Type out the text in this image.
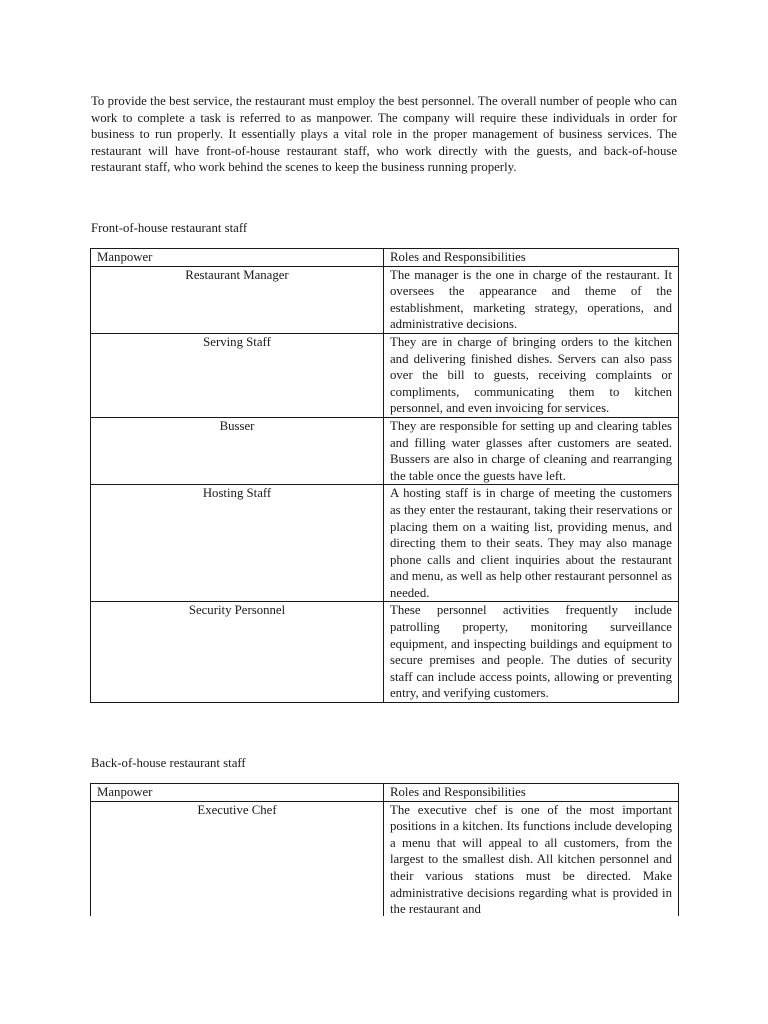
To provide the best service, the restaurant must employ the best personnel. The overall number of people who can work to complete a task is referred to as manpower. The company will require these individuals in order for business to run properly. It essentially plays a vital role in the proper management of business services. The restaurant will have front-of-house restaurant staff, who work directly with the guests, and back-of-house restaurant staff, who work behind the scenes to keep the business running properly.

Front-of-house restaurant staff

Manpower	Roles and Responsibilities
Restaurant Manager	The manager is the one in charge of the restaurant. It oversees the appearance and theme of the establishment, marketing strategy, operations, and administrative decisions.
Serving Staff	They are in charge of bringing orders to the kitchen and delivering finished dishes. Servers can also pass over the bill to guests, receiving complaints or compliments, communicating them to kitchen personnel, and even invoicing for services.
Busser	They are responsible for setting up and clearing tables and filling water glasses after customers are seated. Bussers are also in charge of cleaning and rearranging the table once the guests have left.
Hosting Staff	A hosting staff is in charge of meeting the customers as they enter the restaurant, taking their reservations or placing them on a waiting list, providing menus, and directing them to their seats. They may also manage phone calls and client inquiries about the restaurant and menu, as well as help other restaurant personnel as needed.
Security Personnel	These personnel activities frequently include patrolling property, monitoring surveillance equipment, and inspecting buildings and equipment to secure premises and people. The duties of security staff can include access points, allowing or preventing entry, and verifying customers.

Back-of-house restaurant staff

Manpower	Roles and Responsibilities
Executive Chef	The executive chef is one of the most important positions in a kitchen. Its functions include developing a menu that will appeal to all customers, from the largest to the smallest dish. All kitchen personnel and their various stations must be directed. Make administrative decisions regarding what is provided in the restaurant and
